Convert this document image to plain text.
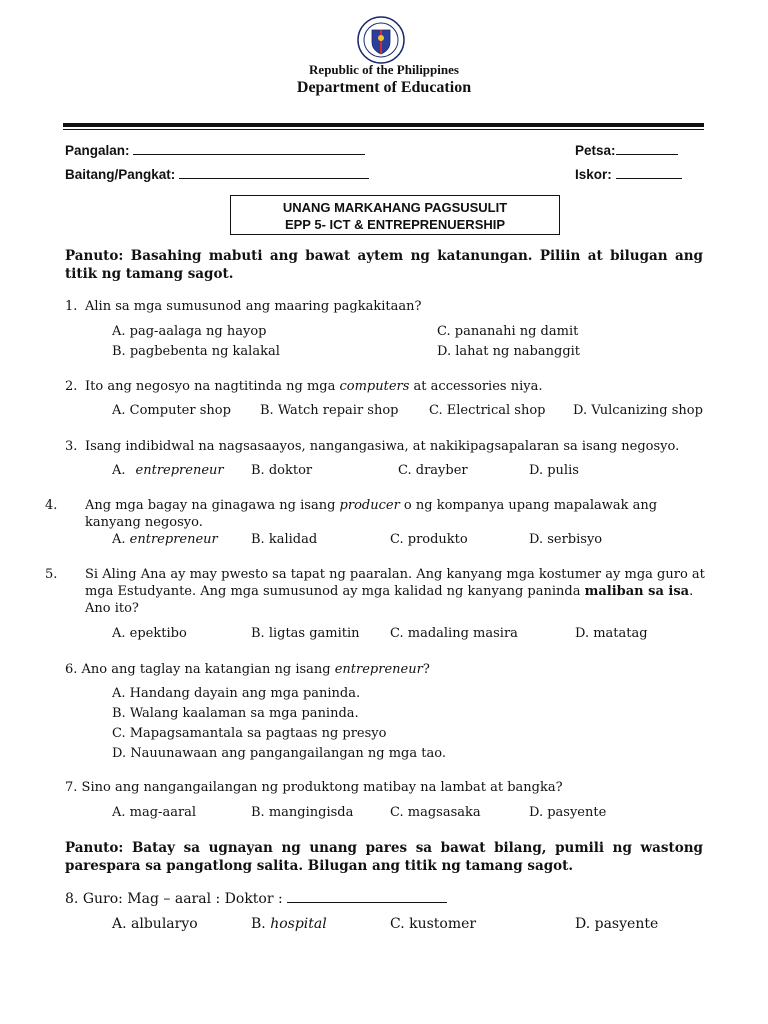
Republic of the Philippines
Department of Education
Pangalan:	Petsa:
Baitang/Pangkat:	Iskor:
UNANG MARKAHANG PAGSUSULIT
EPP 5- ICT & ENTREPRENUERSHIP
Panuto: Basahing mabuti ang bawat aytem ng katanungan. Piliin at bilugan ang titik ng tamang sagot.
1. Alin sa mga sumusunod ang maaring pagkakitaan?
A. pag-aalaga ng hayop	C. pananahi ng damit
B. pagbebenta ng kalakal	D. lahat ng nabanggit
2. Ito ang negosyo na nagtitinda ng mga computers at accessories niya.
A. Computer shop B. Watch repair shop C. Electrical shop D. Vulcanizing shop
3. Isang indibidwal na nagsasaayos, nangangasiwa, at nakikipagsapalaran sa isang negosyo.
A. entrepreneur B. doktor	C. drayber	D. pulis
4. Ang mga bagay na ginagawa ng isang producer o ng kompanya upang mapalawak ang kanyang negosyo.
A. entrepreneur	B. kalidad	C. produkto	D. serbisyo
5. Si Aling Ana ay may pwesto sa tapat ng paaralan. Ang kanyang mga kostumer ay mga guro at mga Estudyante. Ang mga sumusunod ay mga kalidad ng kanyang paninda maliban sa isa. Ano ito?
A. epektibo	B. ligtas gamitin C. madaling masira	D. matatag
6. Ano ang taglay na katangian ng isang entrepreneur?
A. Handang dayain ang mga paninda.
B. Walang kaalaman sa mga paninda.
C. Mapagsamantala sa pagtaas ng presyo
D. Nauunawaan ang pangangailangan ng mga tao.
7. Sino ang nangangailangan ng produktong matibay na lambat at bangka?
A. mag-aaral	B. mangingisda	C. magsasaka	D. pasyente
Panuto: Batay sa ugnayan ng unang pares sa bawat bilang, pumili ng wastong parespara sa pangatlong salita. Bilugan ang titik ng tamang sagot.
8. Guro: Mag – aaral : Doktor :
A. albularyo	B. hospital	C. kustomer	D. pasyente
